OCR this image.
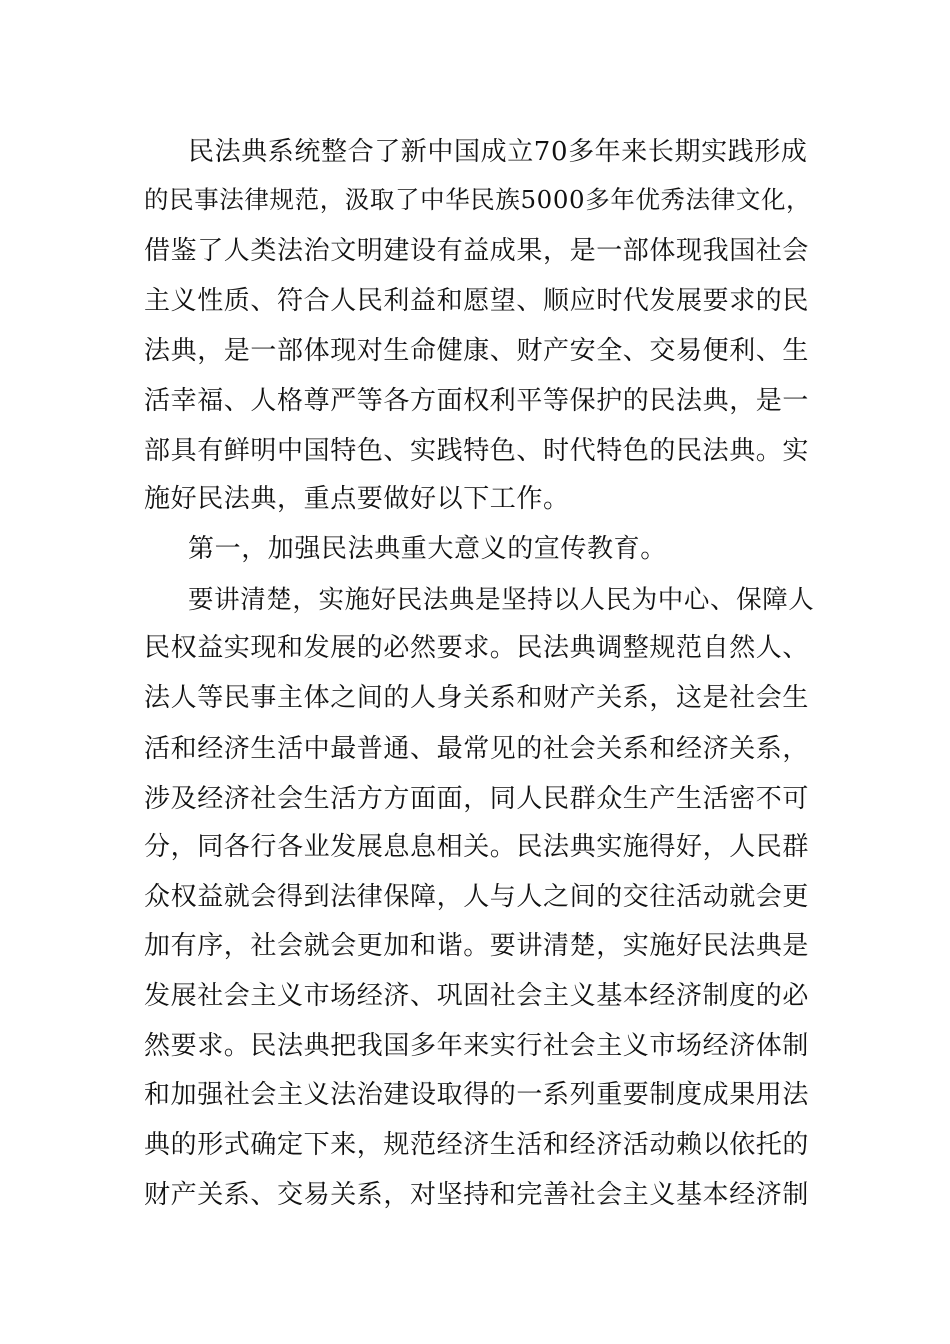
民法典系统整合了新中国成立70多年来长期实践形成
的民事法律规范，汲取了中华民族5000多年优秀法律文化，
借鉴了人类法治文明建设有益成果，是一部体现我国社会
主义性质、符合人民利益和愿望、顺应时代发展要求的民
法典，是一部体现对生命健康、财产安全、交易便利、生
活幸福、人格尊严等各方面权利平等保护的民法典，是一
部具有鲜明中国特色、实践特色、时代特色的民法典。实
施好民法典，重点要做好以下工作。
第一，加强民法典重大意义的宣传教育。
要讲清楚，实施好民法典是坚持以人民为中心、保障人
民权益实现和发展的必然要求。民法典调整规范自然人、
法人等民事主体之间的人身关系和财产关系，这是社会生
活和经济生活中最普通、最常见的社会关系和经济关系，
涉及经济社会生活方方面面，同人民群众生产生活密不可
分，同各行各业发展息息相关。民法典实施得好，人民群
众权益就会得到法律保障，人与人之间的交往活动就会更
加有序，社会就会更加和谐。要讲清楚，实施好民法典是
发展社会主义市场经济、巩固社会主义基本经济制度的必
然要求。民法典把我国多年来实行社会主义市场经济体制
和加强社会主义法治建设取得的一系列重要制度成果用法
典的形式确定下来，规范经济生活和经济活动赖以依托的
财产关系、交易关系，对坚持和完善社会主义基本经济制
